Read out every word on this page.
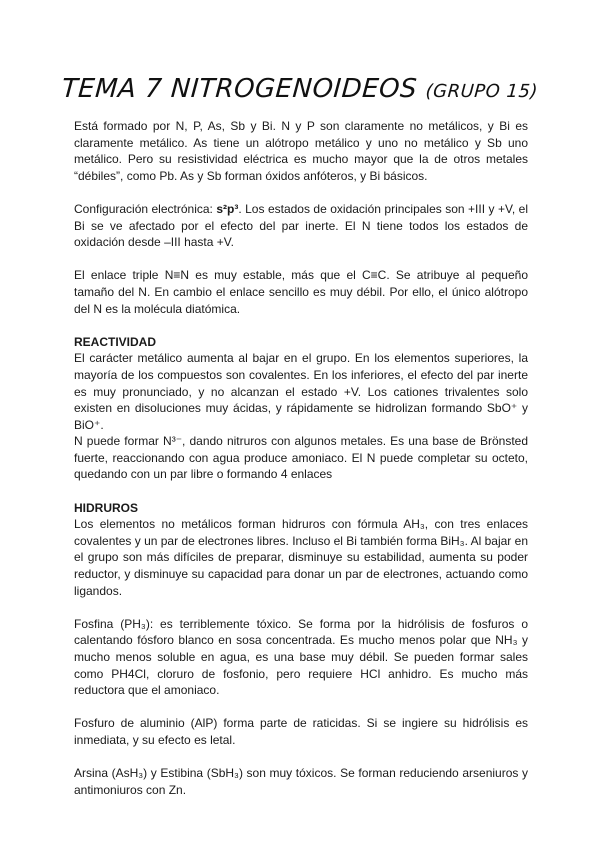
TEMA 7 NITROGENOIDEOS (GRUPO 15)

Está formado por N, P, As, Sb y Bi. N y P son claramente no metálicos, y Bi es claramente metálico. As tiene un alótropo metálico y uno no metálico y Sb uno metálico. Pero su resistividad eléctrica es mucho mayor que la de otros metales “débiles”, como Pb. As y Sb forman óxidos anfóteros, y Bi básicos.

Configuración electrónica: s²p³. Los estados de oxidación principales son +III y +V, el Bi se ve afectado por el efecto del par inerte. El N tiene todos los estados de oxidación desde –III hasta +V.

El enlace triple N≡N es muy estable, más que el C≡C. Se atribuye al pequeño tamaño del N. En cambio el enlace sencillo es muy débil. Por ello, el único alótropo del N es la molécula diatómica.

REACTIVIDAD

El carácter metálico aumenta al bajar en el grupo. En los elementos superiores, la mayoría de los compuestos son covalentes. En los inferiores, el efecto del par inerte es muy pronunciado, y no alcanzan el estado +V. Los cationes trivalentes solo existen en disoluciones muy ácidas, y rápidamente se hidrolizan formando SbO⁺ y BiO⁺.

N puede formar N³⁻, dando nitruros con algunos metales. Es una base de Brönsted fuerte, reaccionando con agua produce amoniaco. El N puede completar su octeto, quedando con un par libre o formando 4 enlaces

HIDRUROS

Los elementos no metálicos forman hidruros con fórmula AH₃, con tres enlaces covalentes y un par de electrones libres. Incluso el Bi también forma BiH₃. Al bajar en el grupo son más difíciles de preparar, disminuye su estabilidad, aumenta su poder reductor, y disminuye su capacidad para donar un par de electrones, actuando como ligandos.

Fosfina (PH₃): es terriblemente tóxico. Se forma por la hidrólisis de fosfuros o calentando fósforo blanco en sosa concentrada. Es mucho menos polar que NH₃ y mucho menos soluble en agua, es una base muy débil. Se pueden formar sales como PH4Cl, cloruro de fosfonio, pero requiere HCl anhidro. Es mucho más reductora que el amoniaco.

Fosfuro de aluminio (AlP) forma parte de raticidas. Si se ingiere su hidrólisis es inmediata, y su efecto es letal.

Arsina (AsH₃) y Estibina (SbH₃) son muy tóxicos. Se forman reduciendo arseniuros y antimoniuros con Zn.
